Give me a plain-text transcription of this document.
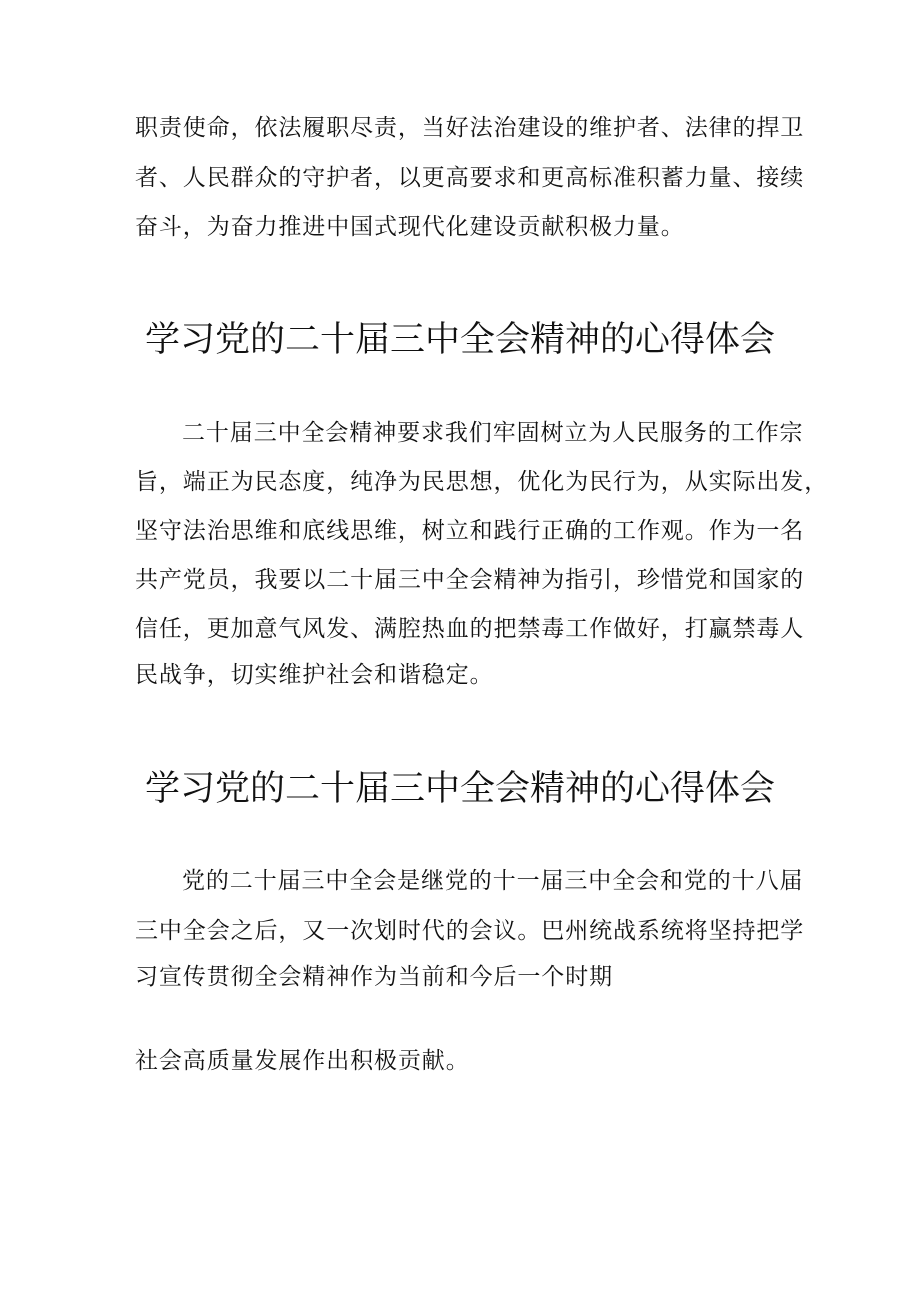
职责使命，依法履职尽责，当好法治建设的维护者、法律的捍卫
者、人民群众的守护者，以更高要求和更高标准积蓄力量、接续
奋斗，为奋力推进中国式现代化建设贡献积极力量。
学习党的二十届三中全会精神的心得体会
二十届三中全会精神要求我们牢固树立为人民服务的工作宗
旨，端正为民态度，纯净为民思想，优化为民行为，从实际出发，
坚守法治思维和底线思维，树立和践行正确的工作观。作为一名
共产党员，我要以二十届三中全会精神为指引，珍惜党和国家的
信任，更加意气风发、满腔热血的把禁毒工作做好，打赢禁毒人
民战争，切实维护社会和谐稳定。
学习党的二十届三中全会精神的心得体会
党的二十届三中全会是继党的十一届三中全会和党的十八届
三中全会之后，又一次划时代的会议。巴州统战系统将坚持把学
习宣传贯彻全会精神作为当前和今后一个时期
社会高质量发展作出积极贡献。
